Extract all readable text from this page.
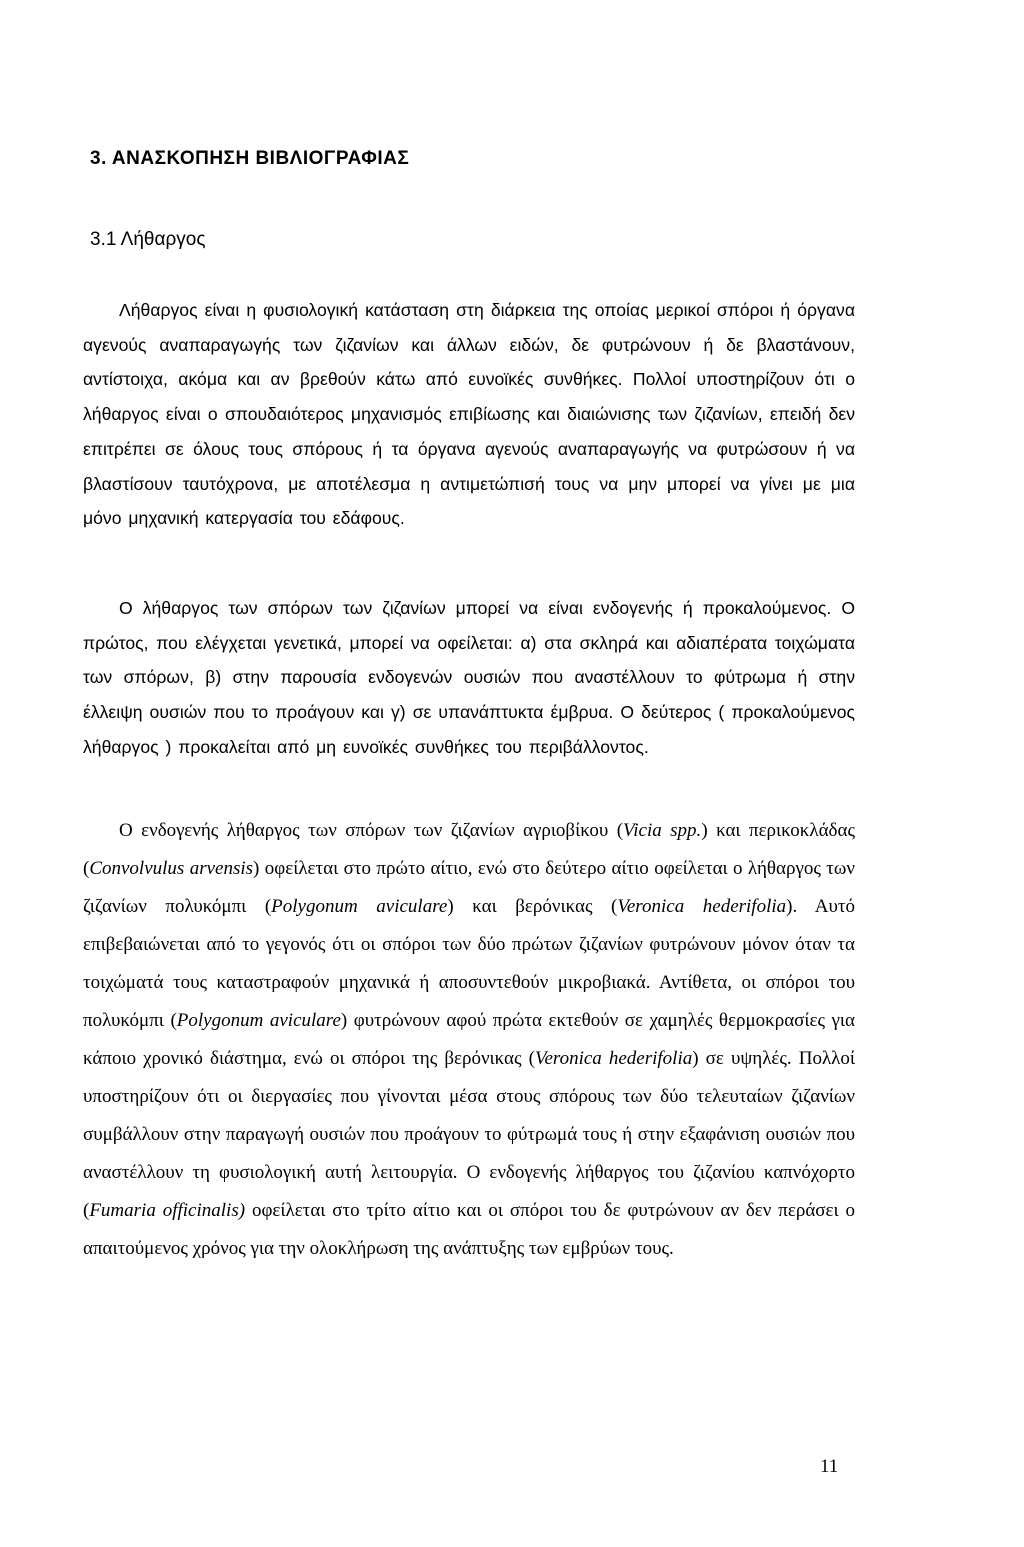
3. ΑΝΑΣΚΟΠΗΣΗ ΒΙΒΛΙΟΓΡΑΦΙΑΣ
3.1 Λήθαργος
Λήθαργος είναι η φυσιολογική κατάσταση στη διάρκεια της οποίας μερικοί σπόροι ή όργανα αγενούς αναπαραγωγής των ζιζανίων και άλλων ειδών, δε φυτρώνουν ή δε βλαστάνουν, αντίστοιχα, ακόμα και αν βρεθούν κάτω από ευνοϊκές συνθήκες. Πολλοί υποστηρίζουν ότι ο λήθαργος είναι ο σπουδαιότερος μηχανισμός επιβίωσης και διαιώνισης των ζιζανίων, επειδή δεν επιτρέπει σε όλους τους σπόρους ή τα όργανα αγενούς αναπαραγωγής να φυτρώσουν ή να βλαστίσουν ταυτόχρονα, με αποτέλεσμα η αντιμετώπισή τους να μην μπορεί να γίνει με μια μόνο μηχανική κατεργασία του εδάφους.
Ο λήθαργος των σπόρων των ζιζανίων μπορεί να είναι ενδογενής ή προκαλούμενος. Ο πρώτος, που ελέγχεται γενετικά, μπορεί να οφείλεται: α) στα σκληρά και αδιαπέρατα τοιχώματα των σπόρων, β) στην παρουσία ενδογενών ουσιών που αναστέλλουν το φύτρωμα ή στην έλλειψη ουσιών που το προάγουν και γ) σε υπανάπτυκτα έμβρυα. Ο δεύτερος ( προκαλούμενος λήθαργος ) προκαλείται από μη ευνοϊκές συνθήκες του περιβάλλοντος.
Ο ενδογενής λήθαργος των σπόρων των ζιζανίων αγριοβίκου (Vicia spp.) και περικοκλάδας (Convolvulus arvensis) οφείλεται στο πρώτο αίτιο, ενώ στο δεύτερο αίτιο οφείλεται ο λήθαργος των ζιζανίων πολυκόμπι (Polygonum aviculare) και βερόνικας (Veronica hederifolia). Αυτό επιβεβαιώνεται από το γεγονός ότι οι σπόροι των δύο πρώτων ζιζανίων φυτρώνουν μόνον όταν τα τοιχώματά τους καταστραφούν μηχανικά ή αποσυντεθούν μικροβιακά. Αντίθετα, οι σπόροι του πολυκόμπι (Polygonum aviculare) φυτρώνουν αφού πρώτα εκτεθούν σε χαμηλές θερμοκρασίες για κάποιο χρονικό διάστημα, ενώ οι σπόροι της βερόνικας (Veronica hederifolia) σε υψηλές. Πολλοί υποστηρίζουν ότι οι διεργασίες που γίνονται μέσα στους σπόρους των δύο τελευταίων ζιζανίων συμβάλλουν στην παραγωγή ουσιών που προάγουν το φύτρωμά τους ή στην εξαφάνιση ουσιών που αναστέλλουν τη φυσιολογική αυτή λειτουργία. Ο ενδογενής λήθαργος του ζιζανίου καπνόχορτο (Fumaria officinalis) οφείλεται στο τρίτο αίτιο και οι σπόροι του δε φυτρώνουν αν δεν περάσει ο απαιτούμενος χρόνος για την ολοκλήρωση της ανάπτυξης των εμβρύων τους.
11
